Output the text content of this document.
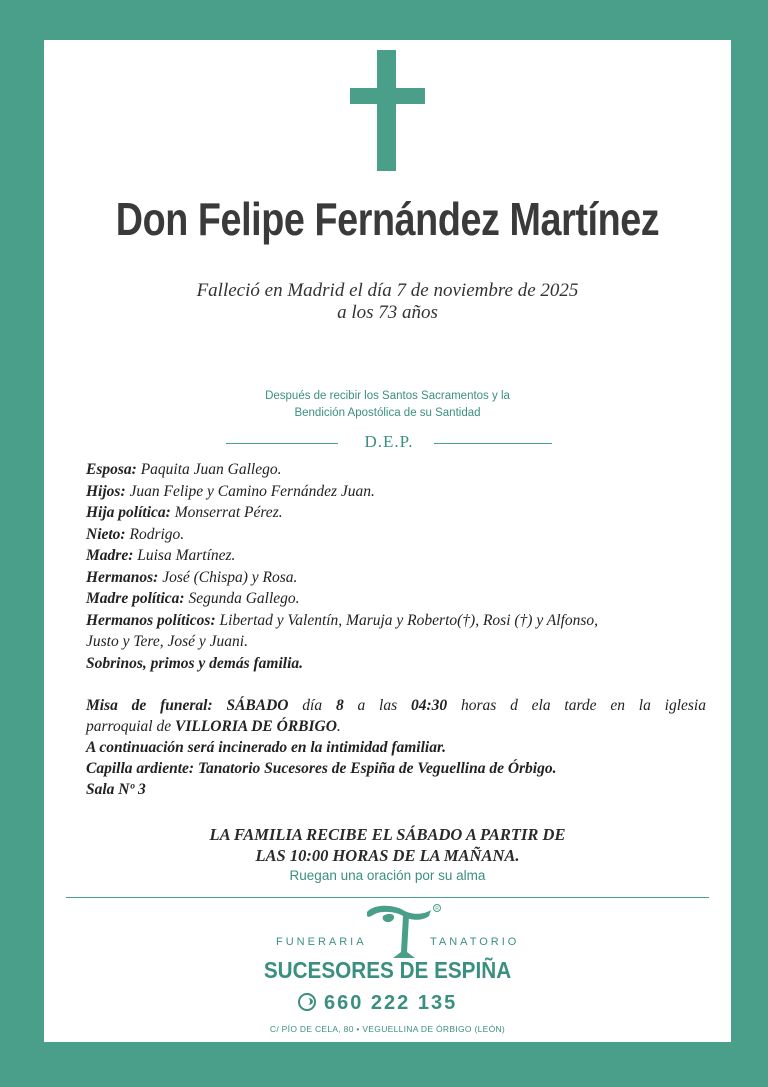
Don Felipe Fernández Martínez
Falleció en Madrid el día 7 de noviembre de 2025
a los 73 años
Después de recibir los Santos Sacramentos y la
Bendición Apostólica de su Santidad
D.E.P.
Esposa: Paquita Juan Gallego.
Hijos: Juan Felipe y Camino Fernández Juan.
Hija política: Monserrat Pérez.
Nieto: Rodrigo.
Madre: Luisa Martínez.
Hermanos: José (Chispa) y Rosa.
Madre política: Segunda Gallego.
Hermanos políticos: Libertad y Valentín, Maruja y Roberto(†), Rosi (†) y Alfonso,
Justo y Tere, José y Juani.
Sobrinos, primos y demás familia.
Misa de funeral: SÁBADO día 8 a las 04:30 horas d ela tarde en la iglesia
parroquial de VILLORIA DE ÓRBIGO.
A continuación será incinerado en la intimidad familiar.
Capilla ardiente: Tanatorio Sucesores de Espiña de Veguellina de Órbigo.
Sala Nº 3
LA FAMILIA RECIBE EL SÁBADO A PARTIR DE
LAS 10:00 HORAS DE LA MAÑANA.
Ruegan una oración por su alma
R
FUNERARIA	TANATORIO
SUCESORES DE ESPIÑA
660 222 135
C/ PÍO DE CELA, 80 • VEGUELLINA DE ÓRBIGO (LEÓN)
